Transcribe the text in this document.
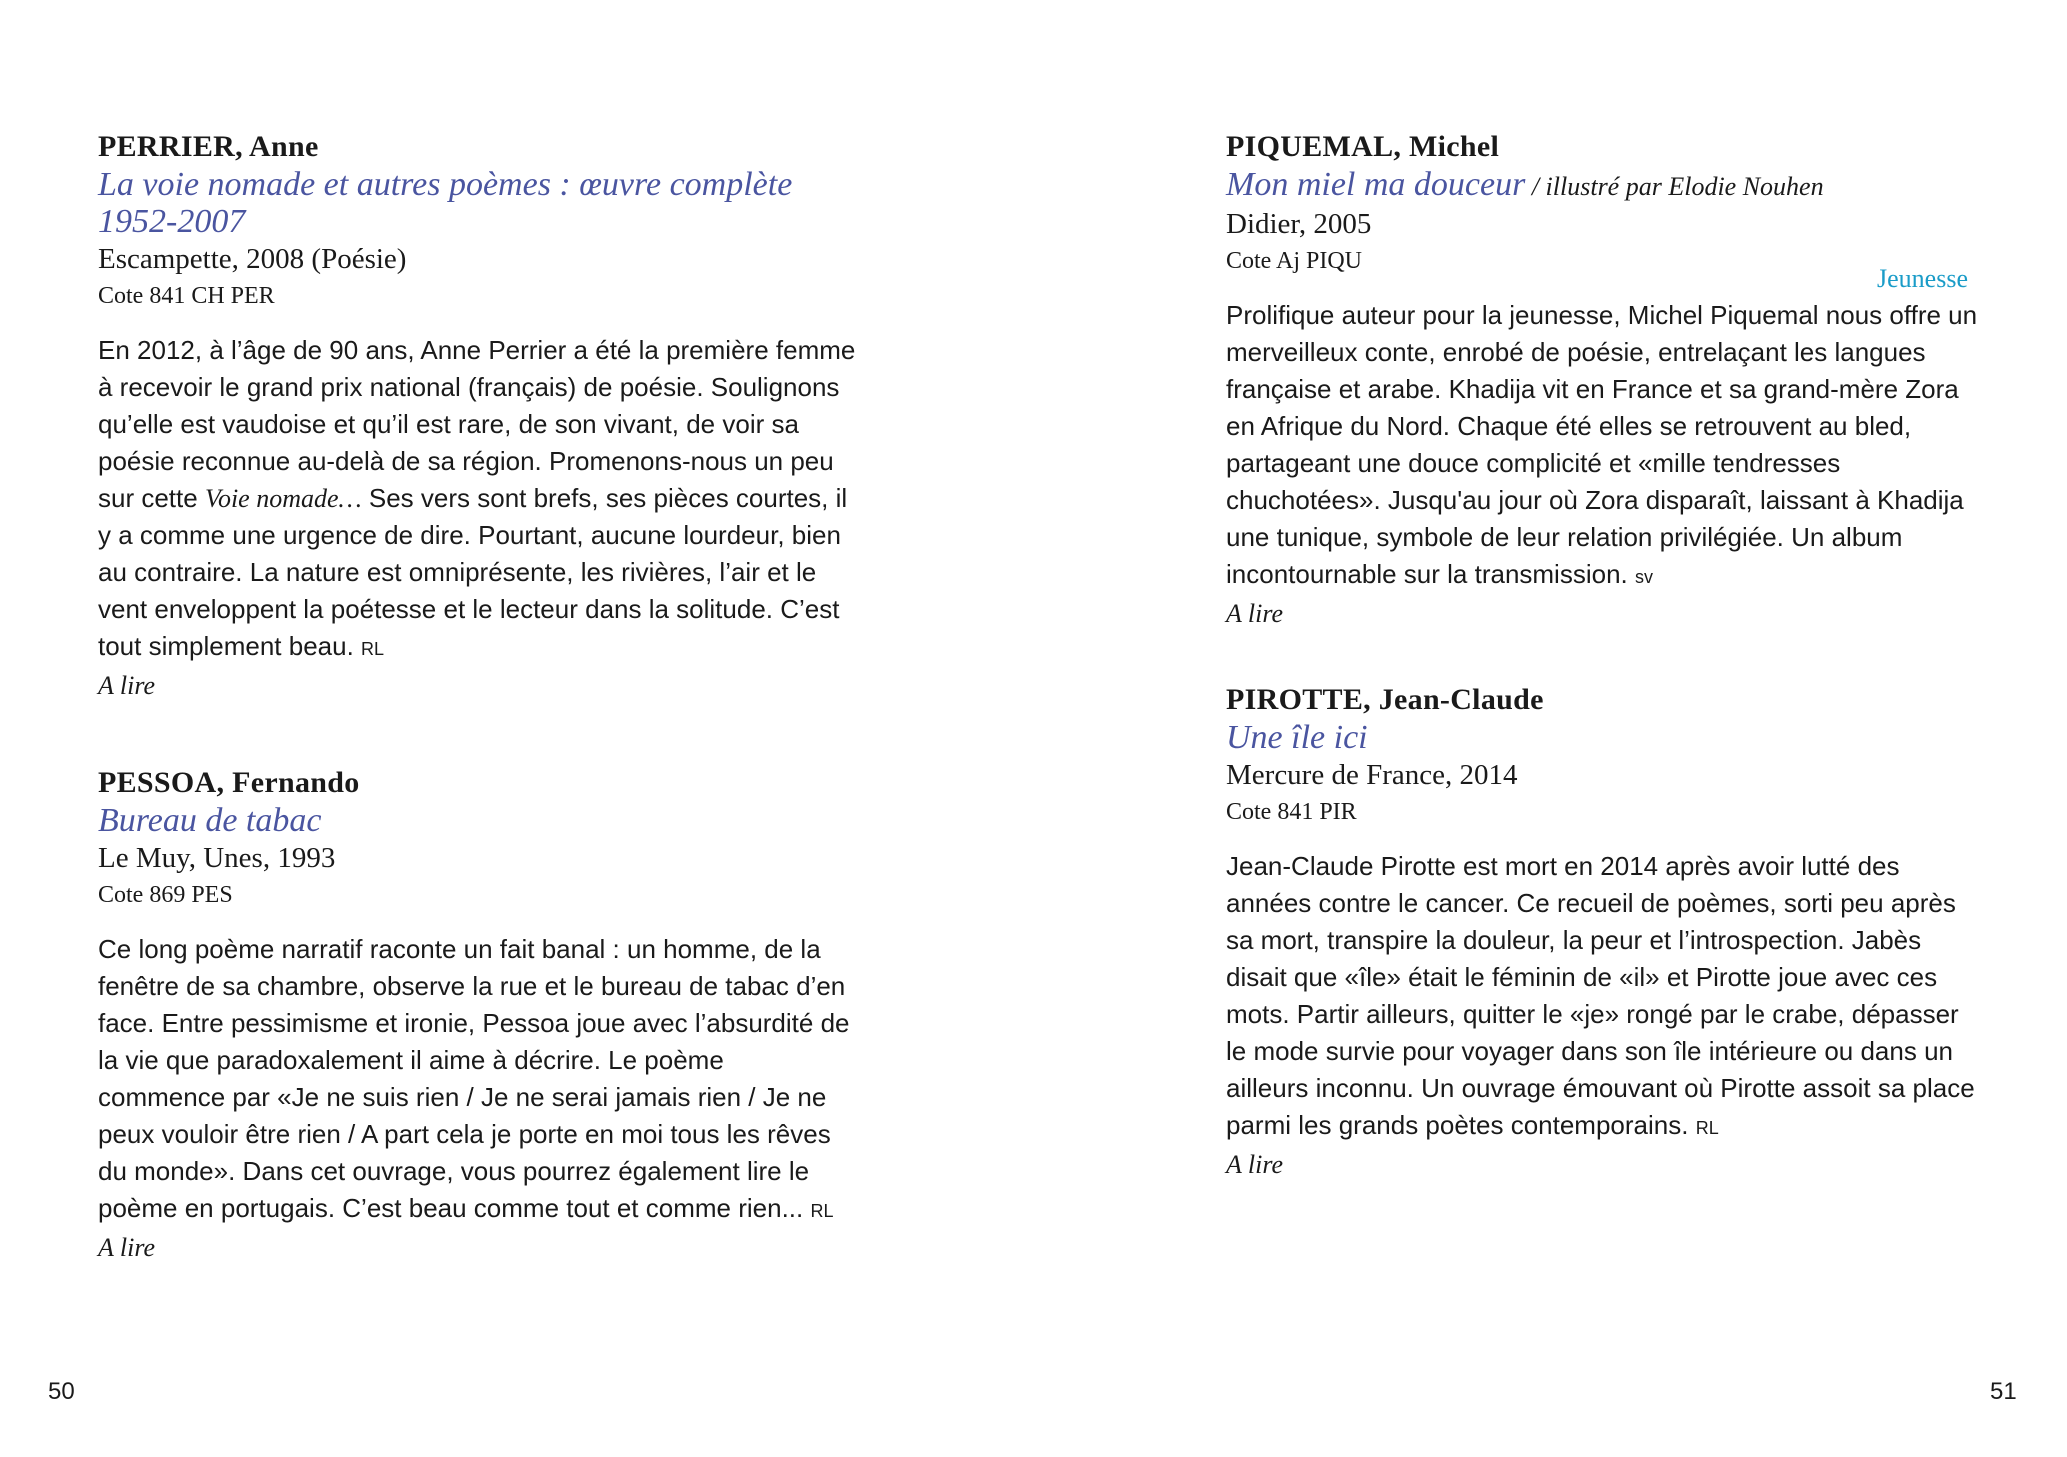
PERRIER, Anne
La voie nomade et autres poèmes : œuvre complète
1952-2007
Escampette, 2008 (Poésie)
Cote 841 CH PER
En 2012, à l’âge de 90 ans, Anne Perrier a été la première femme à recevoir le grand prix national (français) de poésie. Soulignons qu’elle est vaudoise et qu’il est rare, de son vivant, de voir sa poésie reconnue au-delà de sa région. Promenons-nous un peu sur cette Voie nomade… Ses vers sont brefs, ses pièces courtes, il y a comme une urgence de dire. Pourtant, aucune lourdeur, bien au contraire. La nature est omniprésente, les rivières, l’air et le vent enveloppent la poétesse et le lecteur dans la solitude. C’est tout simplement beau. RL
A lire
PESSOA, Fernando
Bureau de tabac
Le Muy, Unes, 1993
Cote 869 PES
Ce long poème narratif raconte un fait banal : un homme, de la fenêtre de sa chambre, observe la rue et le bureau de tabac d’en face. Entre pessimisme et ironie, Pessoa joue avec l’absurdité de la vie que paradoxalement il aime à décrire. Le poème commence par «Je ne suis rien / Je ne serai jamais rien / Je ne peux vouloir être rien / A part cela je porte en moi tous les rêves du monde». Dans cet ouvrage, vous pourrez également lire le poème en portugais. C’est beau comme tout et comme rien... RL
A lire
PIQUEMAL, Michel
Mon miel ma douceur / illustré par Elodie Nouhen
Didier, 2005
Cote Aj PIQU
Jeunesse
Prolifique auteur pour la jeunesse, Michel Piquemal nous offre un merveilleux conte, enrobé de poésie, entrelaçant les langues française et arabe. Khadija vit en France et sa grand-mère Zora en Afrique du Nord. Chaque été elles se retrouvent au bled, partageant une douce complicité et «mille tendresses chuchotées». Jusqu'au jour où Zora disparaît, laissant à Khadija une tunique, symbole de leur relation privilégiée. Un album incontournable sur la transmission. sv
A lire
PIROTTE, Jean-Claude
Une île ici
Mercure de France, 2014
Cote 841 PIR
Jean-Claude Pirotte est mort en 2014 après avoir lutté des années contre le cancer. Ce recueil de poèmes, sorti peu après sa mort, transpire la douleur, la peur et l’introspection. Jabès disait que «île» était le féminin de «il» et Pirotte joue avec ces mots. Partir ailleurs, quitter le «je» rongé par le crabe, dépasser le mode survie pour voyager dans son île intérieure ou dans un ailleurs inconnu. Un ouvrage émouvant où Pirotte assoit sa place parmi les grands poètes contemporains. RL
A lire
50	51
